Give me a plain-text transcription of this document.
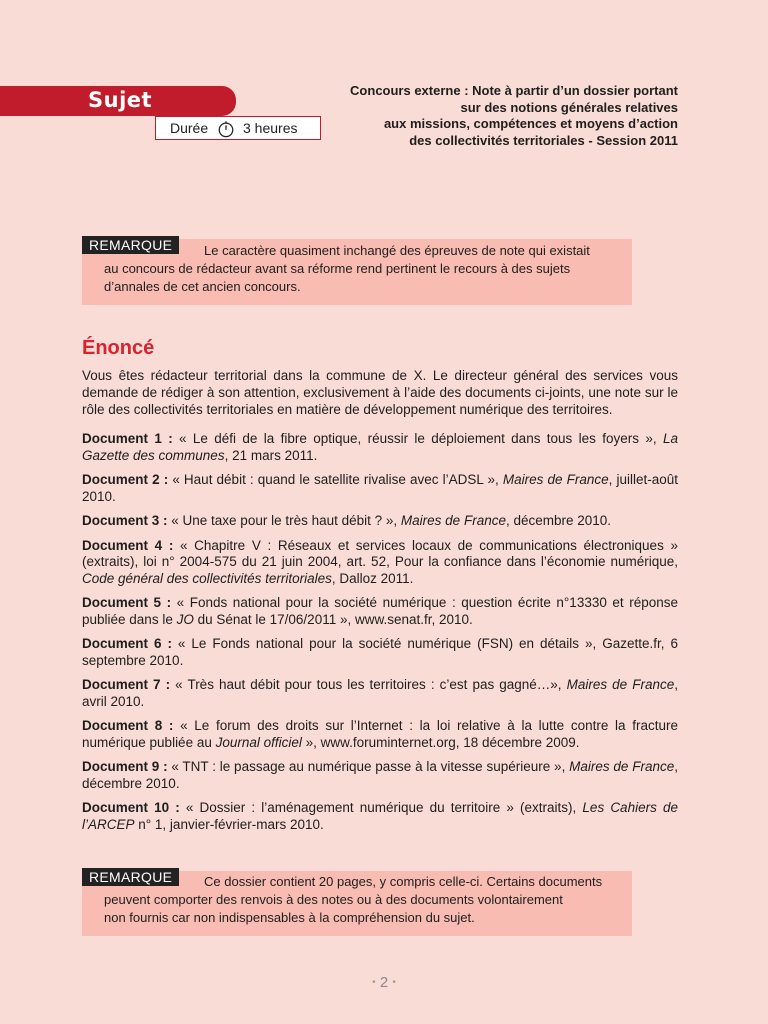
Sujet
Durée 3 heures
Concours externe : Note à partir d’un dossier portant
sur des notions générales relatives
aux missions, compétences et moyens d’action
des collectivités territoriales - Session 2011
REMARQUE	Le caractère quasiment inchangé des épreuves de note qui existait

au concours de rédacteur avant sa réforme rend pertinent le recours à des sujets

d’annales de cet ancien concours.

Énoncé

Vous êtes rédacteur territorial dans la commune de X. Le directeur général des services vous demande de rédiger à son attention, exclusivement à l’aide des documents ci-joints, une note sur le rôle des collectivités territoriales en matière de développement numérique des territoires.

Document 1 : « Le défi de la fibre optique, réussir le déploiement dans tous les foyers », La Gazette des communes, 21 mars 2011.

Document 2 : « Haut débit : quand le satellite rivalise avec l’ADSL », Maires de France, juillet-août 2010.

Document 3 : « Une taxe pour le très haut débit ? », Maires de France, décembre 2010.

Document 4 : « Chapitre V : Réseaux et services locaux de communications électroniques » (extraits), loi n° 2004-575 du 21 juin 2004, art. 52, Pour la confiance dans l’économie numérique, Code général des collectivités territoriales, Dalloz 2011.

Document 5 : « Fonds national pour la société numérique : question écrite n°13330 et réponse publiée dans le JO du Sénat le 17/06/2011 », www.senat.fr, 2010.

Document 6 : « Le Fonds national pour la société numérique (FSN) en détails », Gazette.fr, 6 septembre 2010.

Document 7 : « Très haut débit pour tous les territoires : c’est pas gagné…», Maires de France, avril 2010.

Document 8 : « Le forum des droits sur l’Internet : la loi relative à la lutte contre la fracture numérique publiée au Journal officiel », www.foruminternet.org, 18 décembre 2009.

Document 9 : « TNT : le passage au numérique passe à la vitesse supérieure », Maires de France, décembre 2010.

Document 10 : « Dossier : l’aménagement numérique du territoire » (extraits), Les Cahiers de l’ARCEP n° 1, janvier-février-mars 2010.

REMARQUE	Ce dossier contient 20 pages, y compris celle-ci. Certains documents

peuvent comporter des renvois à des notes ou à des documents volontairement

non fournis car non indispensables à la compréhension du sujet.

• 2 •
